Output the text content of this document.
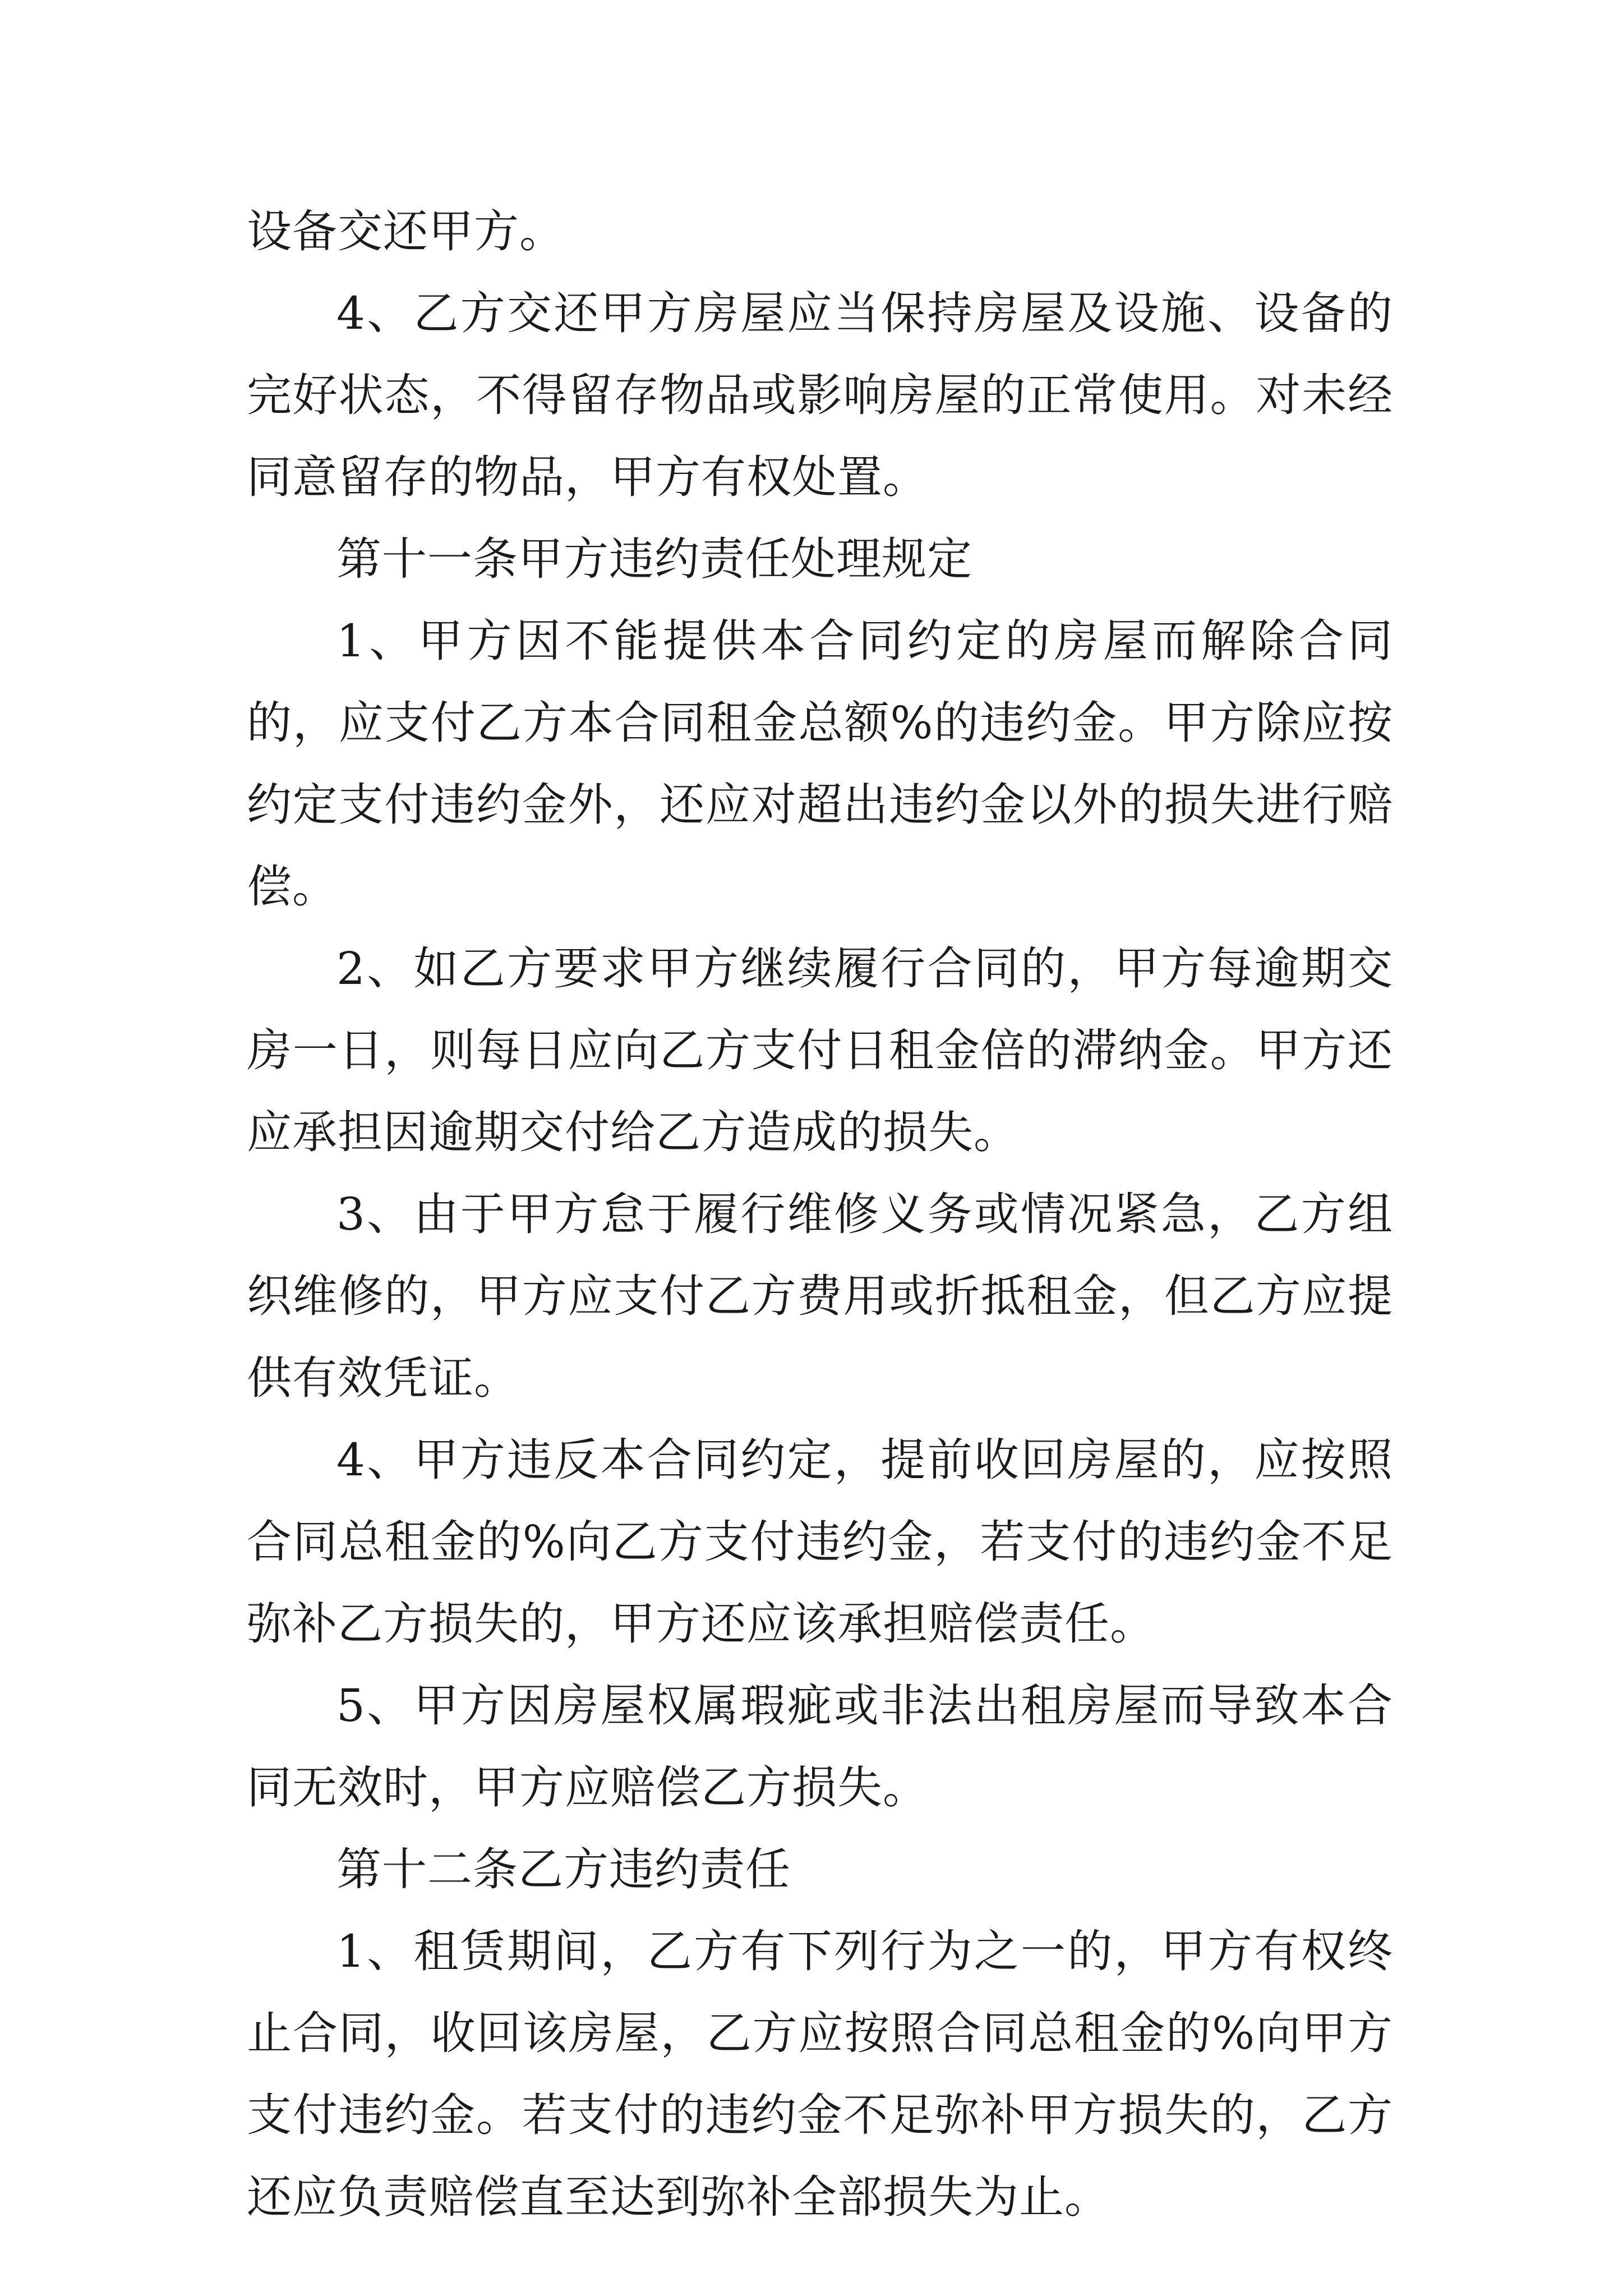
设备交还甲方。

4、乙方交还甲方房屋应当保持房屋及设施、设备的完好状态，不得留存物品或影响房屋的正常使用。对未经同意留存的物品，甲方有权处置。

第十一条甲方违约责任处理规定

1、甲方因不能提供本合同约定的房屋而解除合同的，应支付乙方本合同租金总额%的违约金。甲方除应按约定支付违约金外，还应对超出违约金以外的损失进行赔偿。

2、如乙方要求甲方继续履行合同的，甲方每逾期交房一日，则每日应向乙方支付日租金倍的滞纳金。甲方还应承担因逾期交付给乙方造成的损失。

3、由于甲方怠于履行维修义务或情况紧急，乙方组织维修的，甲方应支付乙方费用或折抵租金，但乙方应提供有效凭证。

4、甲方违反本合同约定，提前收回房屋的，应按照合同总租金的%向乙方支付违约金，若支付的违约金不足弥补乙方损失的，甲方还应该承担赔偿责任。

5、甲方因房屋权属瑕疵或非法出租房屋而导致本合同无效时，甲方应赔偿乙方损失。

第十二条乙方违约责任

1、租赁期间，乙方有下列行为之一的，甲方有权终止合同，收回该房屋，乙方应按照合同总租金的%向甲方支付违约金。若支付的违约金不足弥补甲方损失的，乙方还应负责赔偿直至达到弥补全部损失为止。
